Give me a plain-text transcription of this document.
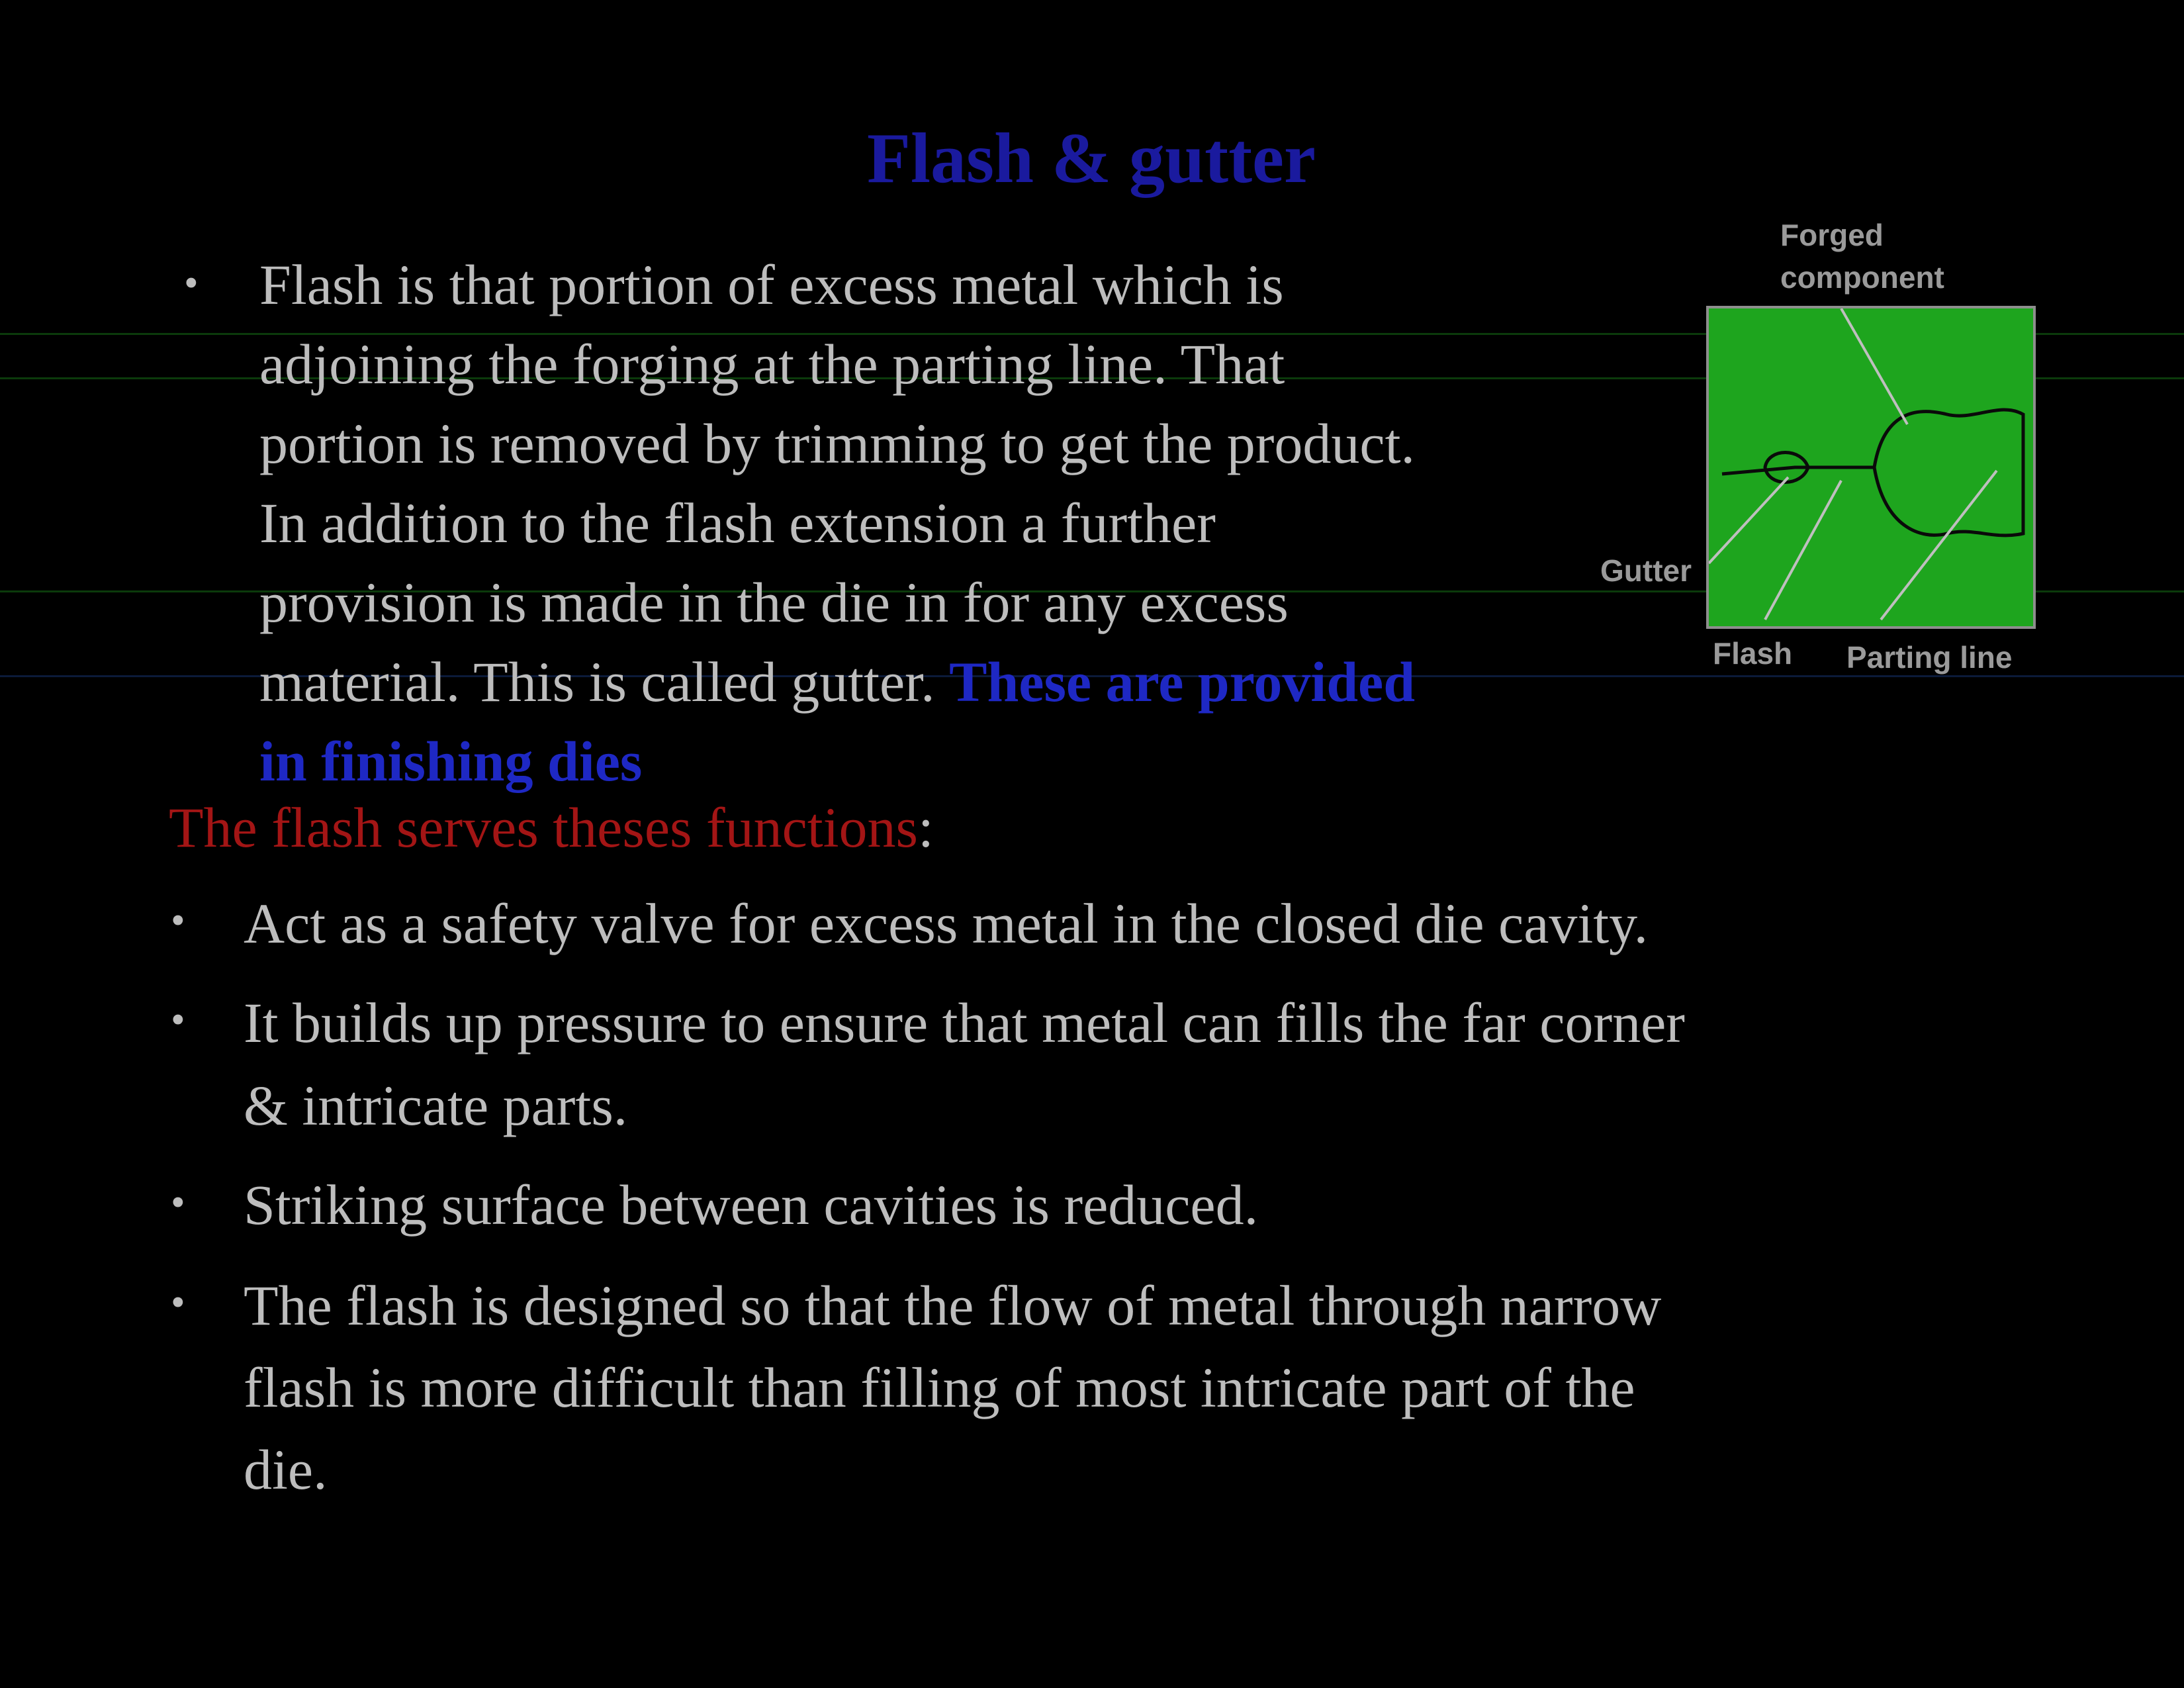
Flash & gutter
• Flash is that portion of excess metal which is
adjoining the forging at the parting line. That
portion is removed by trimming to get the product.
In addition to the flash extension a further
provision is made in the die in for any excess
material. This is called gutter. These are provided
in finishing dies
Forged
component
Gutter
Flash Parting line
The flash serves theses functions:
• Act as a safety valve for excess metal in the closed die cavity.
• It builds up pressure to ensure that metal can fills the far corner
& intricate parts.
• Striking surface between cavities is reduced.
• The flash is designed so that the flow of metal through narrow
flash is more difficult than filling of most intricate part of the
die.
